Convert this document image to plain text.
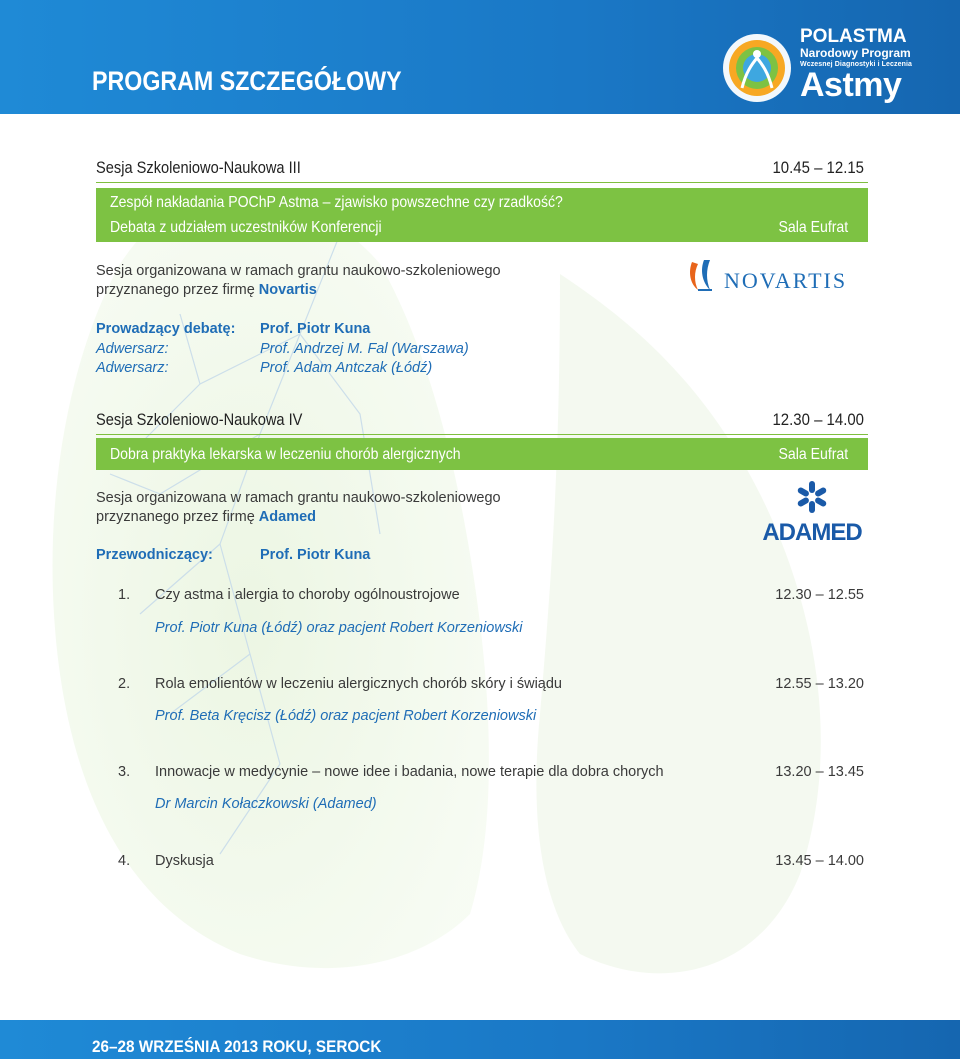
PROGRAM SZCZEGÓŁOWY
POLASTMA
Narodowy Program
Wczesnej Diagnostyki i Leczenia
Astmy
Sesja Szkoleniowo-Naukowa III	10.45 – 12.15
Zespół nakładania POChP Astma – zjawisko powszechne czy rzadkość?
Debata z udziałem uczestników Konferencji	Sala Eufrat
Sesja organizowana w ramach grantu naukowo-szkoleniowego
przyznanego przez firmę Novartis	NOVARTIS
Prowadzący debatę: Prof. Piotr Kuna
Adwersarz:	Prof. Andrzej M. Fal (Warszawa)
Adwersarz:	Prof. Adam Antczak (Łódź)
Sesja Szkoleniowo-Naukowa IV	12.30 – 14.00
Dobra praktyka lekarska w leczeniu chorób alergicznych	Sala Eufrat
Sesja organizowana w ramach grantu naukowo-szkoleniowego
przyznanego przez firmę Adamed
ADAMED
Przewodniczący:	Prof. Piotr Kuna
1. Czy astma i alergia to choroby ogólnoustrojowe	12.30 – 12.55
Prof. Piotr Kuna (Łódź) oraz pacjent Robert Korzeniowski
2. Rola emolientów w leczeniu alergicznych chorób skóry i świądu	12.55 – 13.20
Prof. Beta Kręcisz (Łódź) oraz pacjent Robert Korzeniowski
3. Innowacje w medycynie – nowe idee i badania, nowe terapie dla dobra chorych	13.20 – 13.45
Dr Marcin Kołaczkowski (Adamed)
4. Dyskusja	13.45 – 14.00
26–28 WRZEŚNIA 2013 ROKU, SEROCK
